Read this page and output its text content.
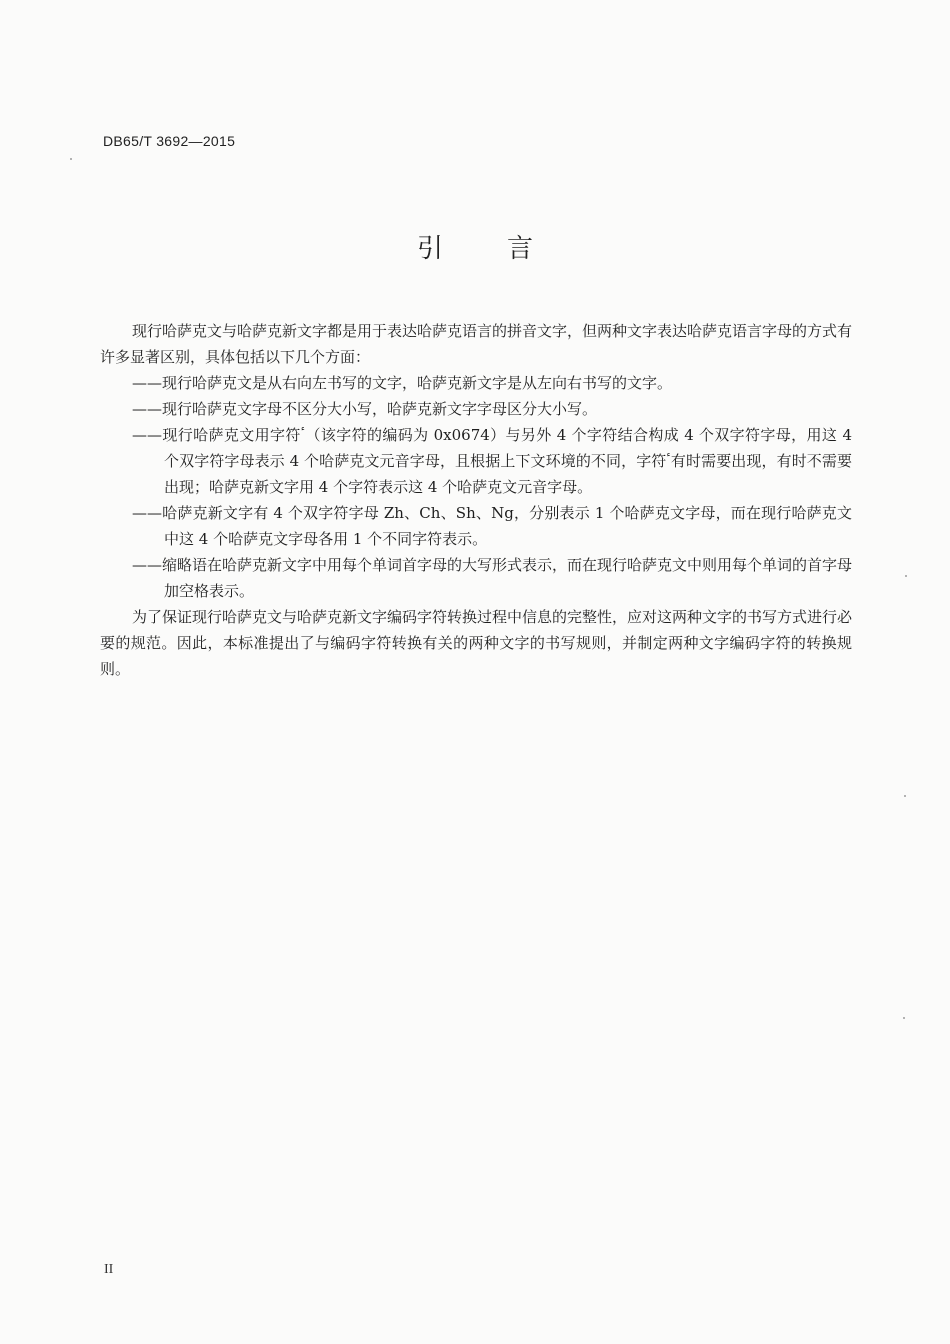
DB65/T 3692—2015
引 言

现行哈萨克文与哈萨克新文字都是用于表达哈萨克语言的拼音文字，但两种文字表达哈萨克语言字母的方式有许多显著区别，具体包括以下几个方面：

——现行哈萨克文是从右向左书写的文字，哈萨克新文字是从左向右书写的文字。

——现行哈萨克文字母不区分大小写，哈萨克新文字字母区分大小写。

——现行哈萨克文用字符ٴ（该字符的编码为 0x0674）与另外 4 个字符结合构成 4 个双字符字母，用这 4 个双字符字母表示 4 个哈萨克文元音字母，且根据上下文环境的不同，字符ٴ有时需要出现，有时不需要出现；哈萨克新文字用 4 个字符表示这 4 个哈萨克文元音字母。

——哈萨克新文字有 4 个双字符字母 Zh、Ch、Sh、Ng，分别表示 1 个哈萨克文字母，而在现行哈萨克文中这 4 个哈萨克文字母各用 1 个不同字符表示。

——缩略语在哈萨克新文字中用每个单词首字母的大写形式表示，而在现行哈萨克文中则用每个单词的首字母加空格表示。

为了保证现行哈萨克文与哈萨克新文字编码字符转换过程中信息的完整性，应对这两种文字的书写方式进行必要的规范。因此，本标准提出了与编码字符转换有关的两种文字的书写规则，并制定两种文字编码字符的转换规则。

II
